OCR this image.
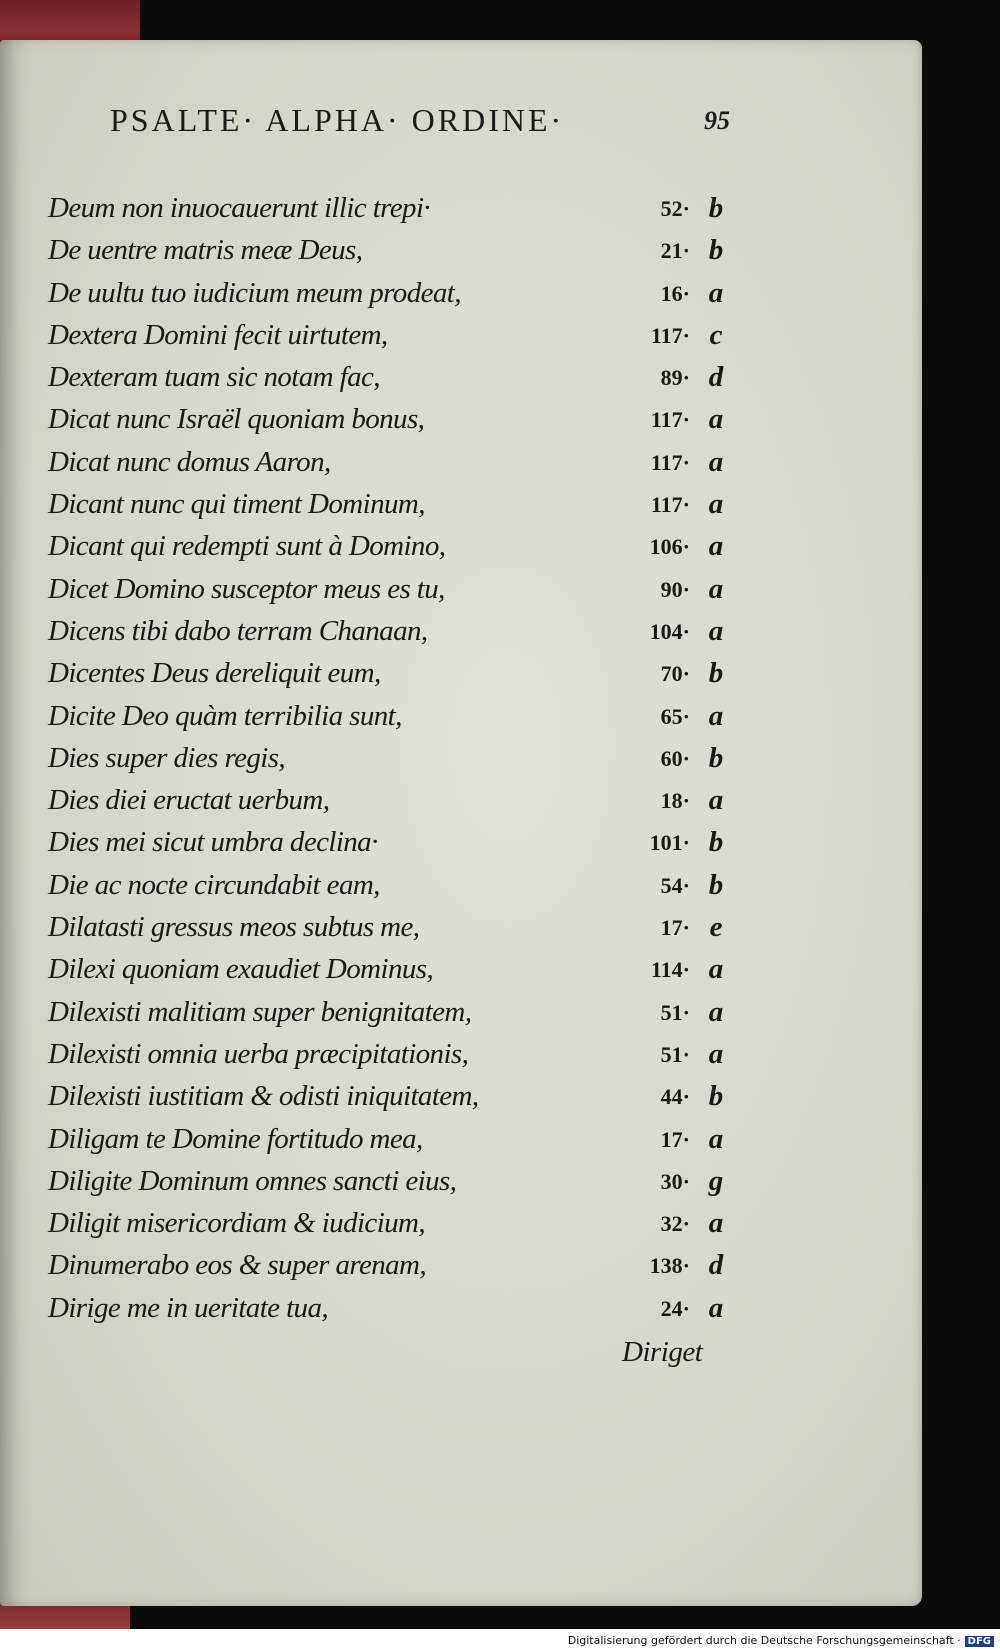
PSALTE· ALPHA· ORDINE·	95
Deum non inuocauerunt illic trepi·	52· b
De uentre matris meæ Deus,	21· b
De uultu tuo iudicium meum prodeat,	16· a
Dextera Domini fecit uirtutem,	117· c
Dexteram tuam sic notam fac,	89· d
Dicat nunc Israël quoniam bonus,	117· a
Dicat nunc domus Aaron,	117· a
Dicant nunc qui timent Dominum,	117· a
Dicant qui redempti sunt à Domino,	106· a
Dicet Domino susceptor meus es tu,	90· a
Dicens tibi dabo terram Chanaan,	104· a
Dicentes Deus dereliquit eum,	70· b
Dicite Deo quàm terribilia sunt,	65· a
Dies super dies regis,	60· b
Dies diei eructat uerbum,	18· a
Dies mei sicut umbra declina·	101· b
Die ac nocte circundabit eam,	54· b
Dilatasti gressus meos subtus me,	17· e
Dilexi quoniam exaudiet Dominus,	114· a
Dilexisti malitiam super benignitatem,	51· a
Dilexisti omnia uerba præcipitationis,	51· a
Dilexisti iustitiam & odisti iniquitatem,	44· b
Diligam te Domine fortitudo mea,	17· a
Diligite Dominum omnes sancti eius,	30· g
Diligit misericordiam & iudicium,	32· a
Dinumerabo eos & super arenam,	138· d
Dirige me in ueritate tua,	24· a
Diriget
Digitalisierung gefördert durch die Deutsche Forschungsgemeinschaft · DFG
